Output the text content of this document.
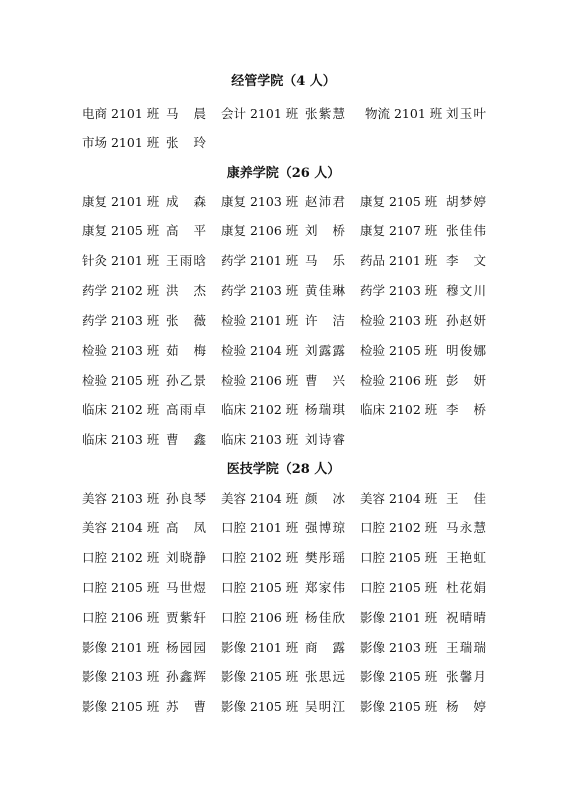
经管学院（4 人）
电商 2101 班 马晨 会计 2101 班 张紫慧 物流 2101 班 刘玉叶
市场 2101 班 张玲
康养学院（26 人）
康复 2101 班 成森 康复 2103 班 赵沛君 康复 2105 班 胡梦婷
康复 2105 班 高平 康复 2106 班 刘桥 康复 2107 班 张佳伟
针灸 2101 班 王雨晗 药学 2101 班 马乐 药品 2101 班 李文
药学 2102 班 洪杰 药学 2103 班 黄佳琳 药学 2103 班 穆文川
药学 2103 班 张薇 检验 2101 班 许洁 检验 2103 班 孙赵妍
检验 2103 班 茹梅 检验 2104 班 刘露露 检验 2105 班 明俊娜
检验 2105 班 孙乙景 检验 2106 班 曹兴 检验 2106 班 彭妍
临床 2102 班 高雨卓 临床 2102 班 杨瑞琪 临床 2102 班 李桥
临床 2103 班 曹鑫 临床 2103 班 刘诗睿
医技学院（28 人）
美容 2103 班 孙良琴 美容 2104 班 颜冰 美容 2104 班 王佳
美容 2104 班 高凤 口腔 2101 班 强博琼 口腔 2102 班 马永慧
口腔 2102 班 刘晓静 口腔 2102 班 樊彤瑶 口腔 2105 班 王艳虹
口腔 2105 班 马世煜 口腔 2105 班 郑家伟 口腔 2105 班 杜花娟
口腔 2106 班 贾紫轩 口腔 2106 班 杨佳欣 影像 2101 班 祝晴晴
影像 2101 班 杨园园 影像 2101 班 商露 影像 2103 班 王瑞瑞
影像 2103 班 孙鑫辉 影像 2105 班 张思远 影像 2105 班 张馨月
影像 2105 班 苏曹 影像 2105 班 吴明江 影像 2105 班 杨婷
